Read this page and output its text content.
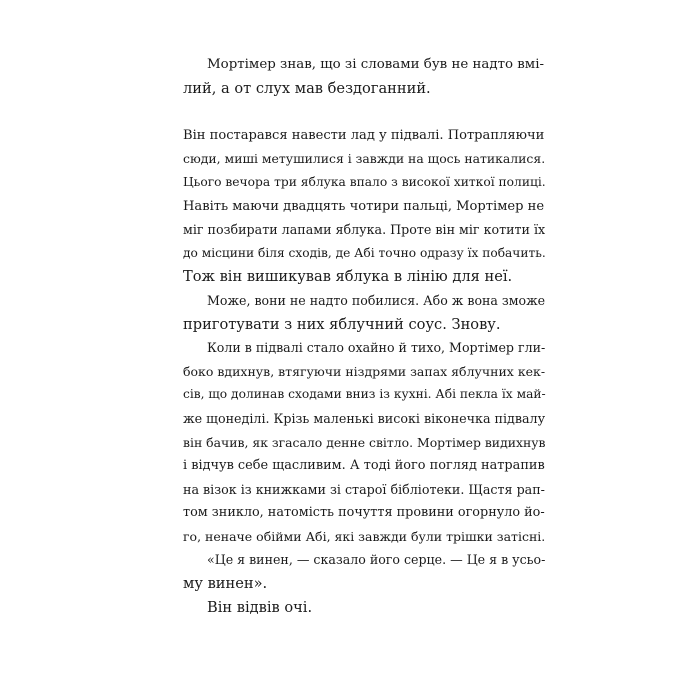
Мортімер знав, що зі словами був не надто вмі-
лий, а от слух мав бездоганний.
Він постарався навести лад у підвалі. Потрапляючи
сюди, миші метушилися і завжди на щось натикалися.
Цього вечора три яблука впало з високої хиткої полиці.
Навіть маючи двадцять чотири пальці, Мортімер не
міг позбирати лапами яблука. Проте він міг котити їх
до місцини біля сходів, де Абі точно одразу їх побачить.
Тож він вишикував яблука в лінію для неї.
Може, вони не надто побилися. Або ж вона зможе
приготувати з них яблучний соус. Знову.
Коли в підвалі стало охайно й тихо, Мортімер гли-
боко вдихнув, втягуючи ніздрями запах яблучних кек-
сів, що долинав сходами вниз із кухні. Абі пекла їх май-
же щонеділі. Крізь маленькі високі віконечка підвалу
він бачив, як згасало денне світло. Мортімер видихнув
і відчув себе щасливим. А тоді його погляд натрапив
на візок із книжками зі старої бібліотеки. Щастя рап-
том зникло, натомість почуття провини огорнуло йо-
го, неначе обійми Абі, які завжди були трішки затісні.
«Це я винен, — сказало його серце. — Це я в усьо-
му винен».
Він відвів очі.
